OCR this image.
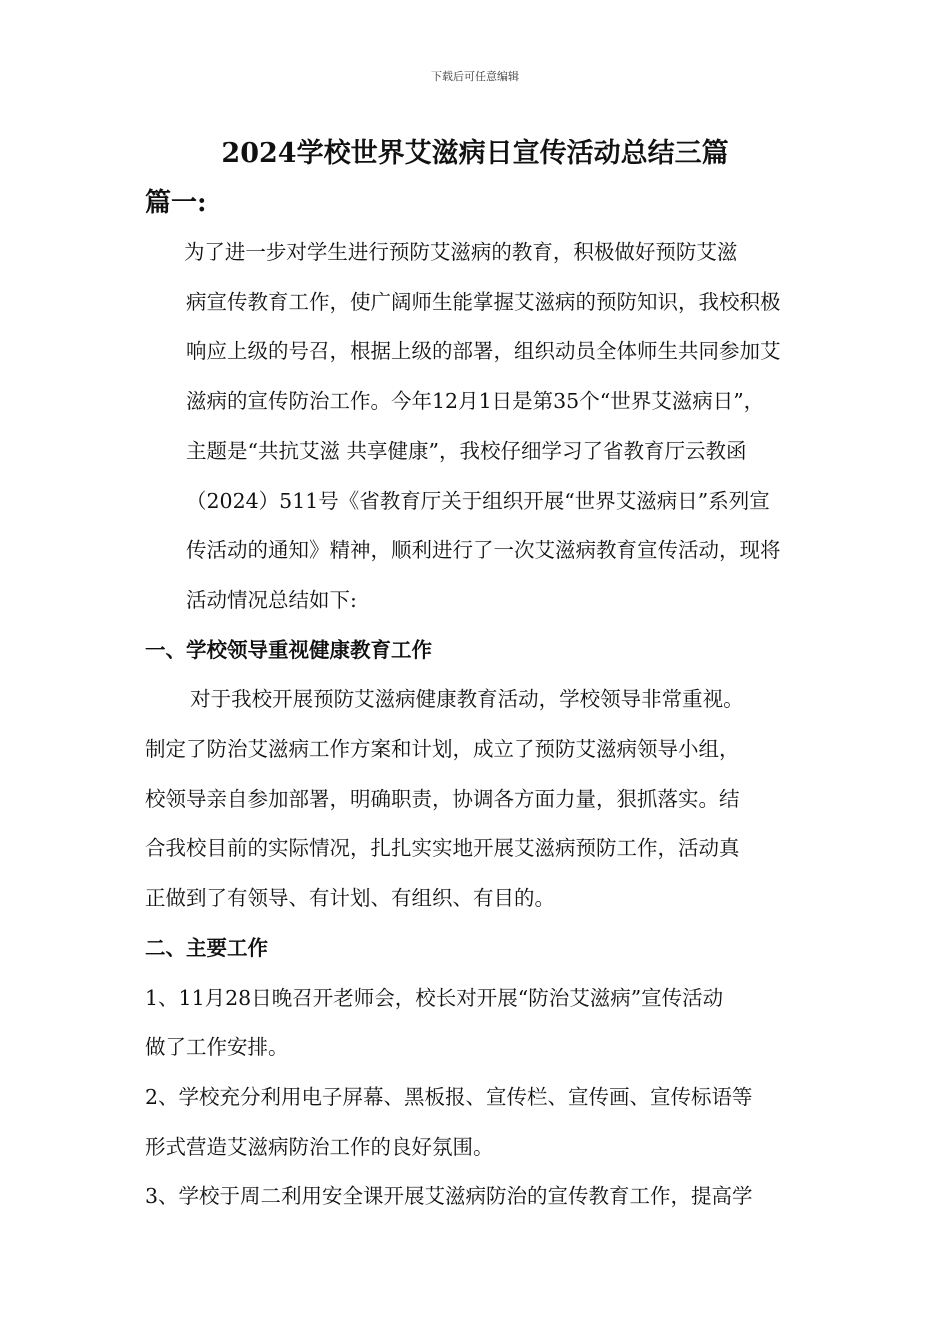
下载后可任意编辑
2024学校世界艾滋病日宣传活动总结三篇
篇一:

为了进一步对学生进行预防艾滋病的教育，积极做好预防艾滋
病宣传教育工作，使广阔师生能掌握艾滋病的预防知识，我校积极
响应上级的号召，根据上级的部署，组织动员全体师生共同参加艾
滋病的宣传防治工作。今年12月1日是第35个“世界艾滋病日”，
主题是“共抗艾滋 共享健康”，我校仔细学习了省教育厅云教函
（2024）511号《省教育厅关于组织开展“世界艾滋病日”系列宣
传活动的通知》精神，顺利进行了一次艾滋病教育宣传活动，现将
活动情况总结如下:

一、学校领导重视健康教育工作

对于我校开展预防艾滋病健康教育活动，学校领导非常重视。
制定了防治艾滋病工作方案和计划，成立了预防艾滋病领导小组，
校领导亲自参加部署，明确职责，协调各方面力量，狠抓落实。结
合我校目前的实际情况，扎扎实实地开展艾滋病预防工作，活动真
正做到了有领导、有计划、有组织、有目的。

二、主要工作

1、11月28日晚召开老师会，校长对开展“防治艾滋病”宣传活动
做了工作安排。

2、学校充分利用电子屏幕、黑板报、宣传栏、宣传画、宣传标语等
形式营造艾滋病防治工作的良好氛围。

3、学校于周二利用安全课开展艾滋病防治的宣传教育工作，提高学
